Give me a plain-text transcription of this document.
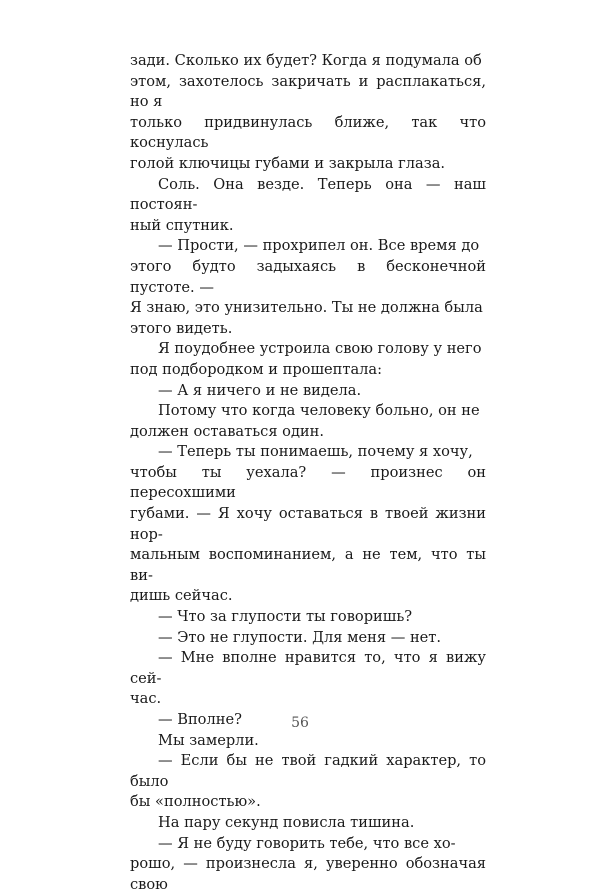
зади. Сколько их будет? Когда я подумала об
этом, захотелось закричать и расплакаться, но я
только придвинулась ближе, так что коснулась
голой ключицы губами и закрыла глаза.

Соль. Она везде. Теперь она — наш постоян-
ный спутник.

— Прости, — прохрипел он. Все время до
этого будто задыхаясь в бесконечной пустоте. —
Я знаю, это унизительно. Ты не должна была
этого видеть.

Я поудобнее устроила свою голову у него
под подбородком и прошептала:

— А я ничего и не видела.

Потому что когда человеку больно, он не
должен оставаться один.

— Теперь ты понимаешь, почему я хочу,
чтобы ты уехала? — произнес он пересохшими
губами. — Я хочу оставаться в твоей жизни нор-
мальным воспоминанием, а не тем, что ты ви-
дишь сейчас.

— Что за глупости ты говоришь?

— Это не глупости. Для меня — нет.

— Мне вполне нравится то, что я вижу сей-
час.

— Вполне?

Мы замерли.

— Если бы не твой гадкий характер, то было
бы «полностью».

На пару секунд повисла тишина.

— Я не буду говорить тебе, что все хо-
рошо, — произнесла я, уверенно обозначая свою

56
